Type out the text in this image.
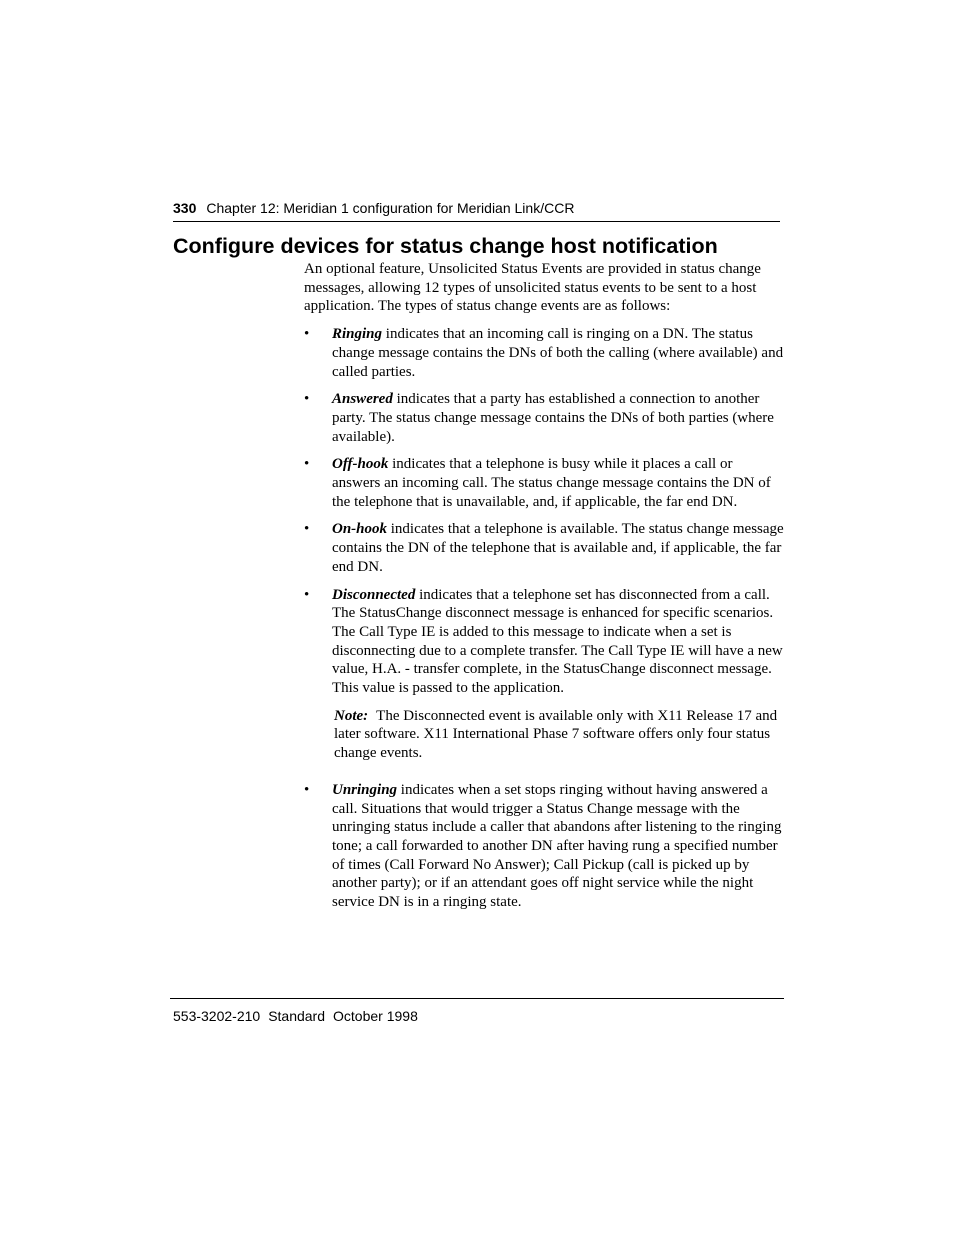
330 Chapter 12: Meridian 1 configuration for Meridian Link/CCR
Configure devices for status change host notification

An optional feature, Unsolicited Status Events are provided in status change messages, allowing 12 types of unsolicited status events to be sent to a host application. The types of status change events are as follows:

• Ringing indicates that an incoming call is ringing on a DN. The status change message contains the DNs of both the calling (where available) and called parties.
• Answered indicates that a party has established a connection to another party. The status change message contains the DNs of both parties (where available).
• Off-hook indicates that a telephone is busy while it places a call or answers an incoming call. The status change message contains the DN of the telephone that is unavailable, and, if applicable, the far end DN.
• On-hook indicates that a telephone is available. The status change message contains the DN of the telephone that is available and, if applicable, the far end DN.
• Disconnected indicates that a telephone set has disconnected from a call. The StatusChange disconnect message is enhanced for specific scenarios. The Call Type IE is added to this message to indicate when a set is disconnecting due to a complete transfer. The Call Type IE will have a new value, H.A. - transfer complete, in the StatusChange disconnect message. This value is passed to the application.
Note: The Disconnected event is available only with X11 Release 17 and later software. X11 International Phase 7 software offers only four status change events.
• Unringing indicates when a set stops ringing without having answered a call. Situations that would trigger a Status Change message with the unringing status include a caller that abandons after listening to the ringing tone; a call forwarded to another DN after having rung a specified number of times (Call Forward No Answer); Call Pickup (call is picked up by another party); or if an attendant goes off night service while the night service DN is in a ringing state.
553-3202-210 Standard October 1998
